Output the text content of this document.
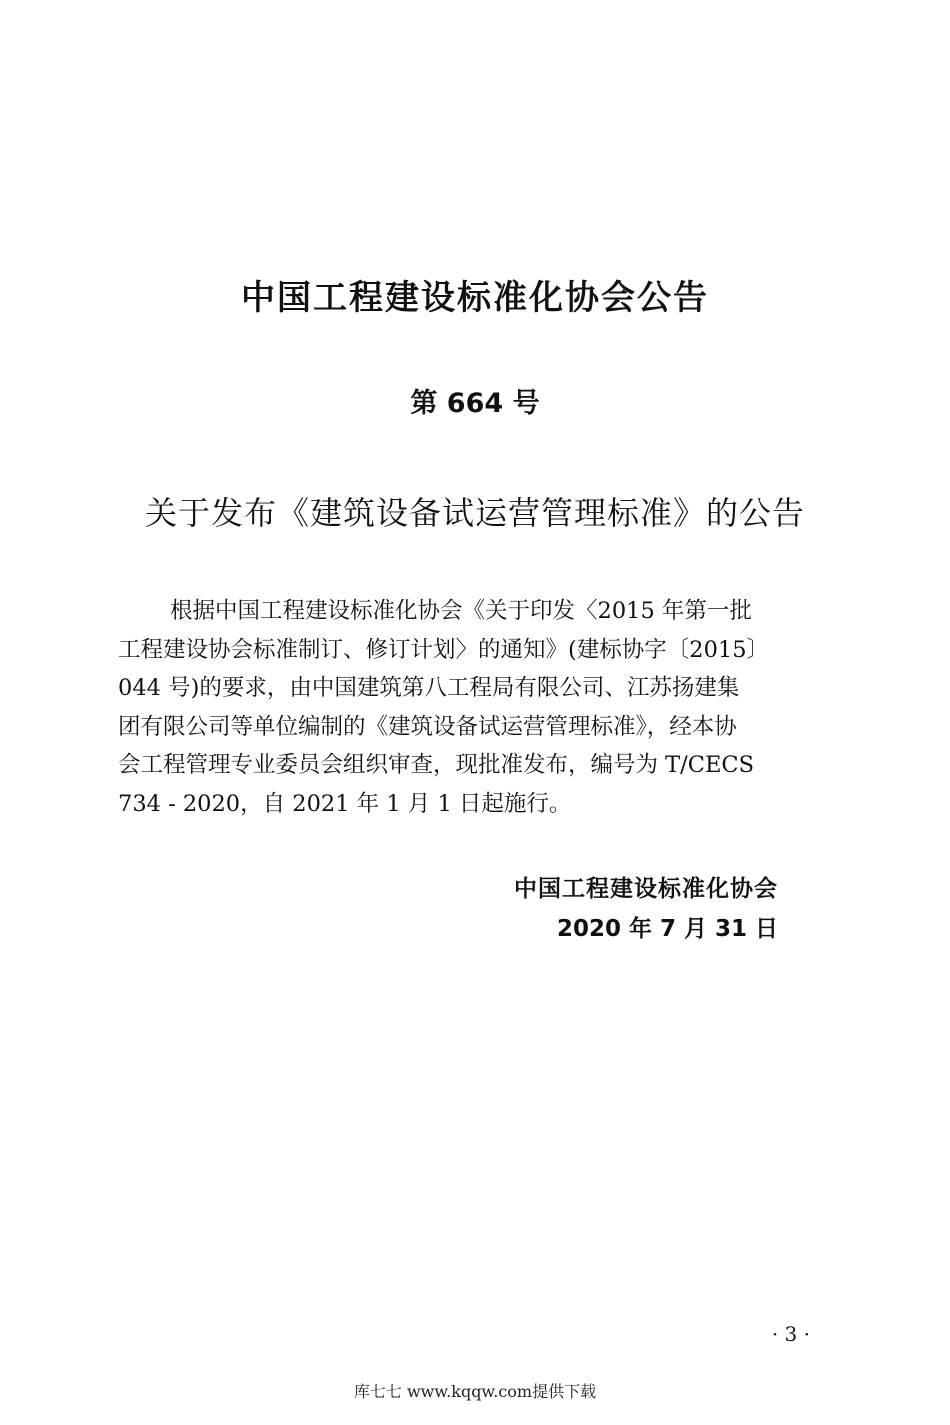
中国工程建设标准化协会公告
第 664 号
关于发布《建筑设备试运营管理标准》的公告
根据中国工程建设标准化协会《关于印发〈2015 年第一批
工程建设协会标准制订、修订计划〉的通知》(建标协字〔2015〕
044 号)的要求，由中国建筑第八工程局有限公司、江苏扬建集
团有限公司等单位编制的《建筑设备试运营管理标准》，经本协
会工程管理专业委员会组织审查，现批准发布，编号为 T/CECS
734 - 2020，自 2021 年 1 月 1 日起施行。
中国工程建设标准化协会
2020 年 7 月 31 日
· 3 ·
库七七 www.kqqw.com提供下载
